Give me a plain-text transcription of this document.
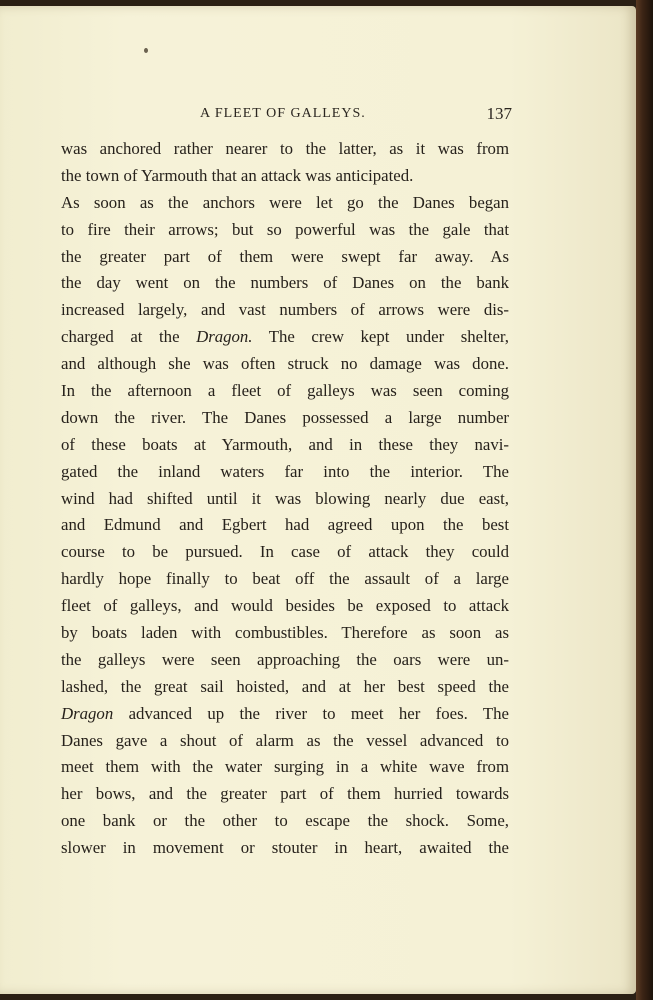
A FLEET OF GALLEYS.	137
was anchored rather nearer to the latter, as it was from
the town of Yarmouth that an attack was anticipated.
As soon as the anchors were let go the Danes began
to fire their arrows; but so powerful was the gale that
the greater part of them were swept far away. As
the day went on the numbers of Danes on the bank
increased largely, and vast numbers of arrows were dis-
charged at the Dragon. The crew kept under shelter,
and although she was often struck no damage was done.
In the afternoon a fleet of galleys was seen coming
down the river. The Danes possessed a large number
of these boats at Yarmouth, and in these they navi-
gated the inland waters far into the interior. The
wind had shifted until it was blowing nearly due east,
and Edmund and Egbert had agreed upon the best
course to be pursued. In case of attack they could
hardly hope finally to beat off the assault of a large
fleet of galleys, and would besides be exposed to attack
by boats laden with combustibles. Therefore as soon as
the galleys were seen approaching the oars were un-
lashed, the great sail hoisted, and at her best speed the
Dragon advanced up the river to meet her foes. The
Danes gave a shout of alarm as the vessel advanced to
meet them with the water surging in a white wave from
her bows, and the greater part of them hurried towards
one bank or the other to escape the shock. Some,
slower in movement or stouter in heart, awaited the
